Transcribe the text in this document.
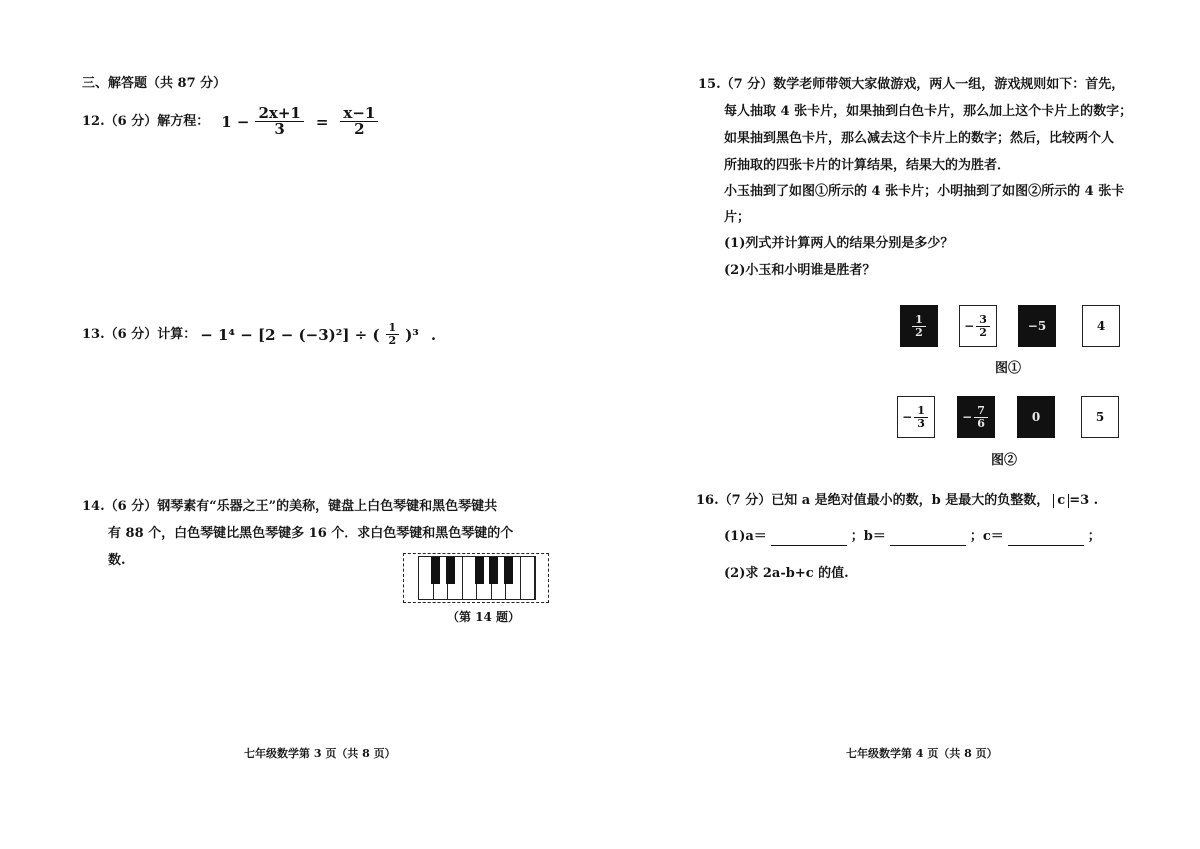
三、解答题（共 87 分）
12.（6 分）解方程： $1 - \frac{2x+1}{3} = \frac{x-1}{2}$
13.（6 分）计算： − 1⁴ − [2 − (−3)²] ÷ ( $\frac{1}{2} )^3$ .
14.（6 分）钢琴素有“乐器之王”的美称，键盘上白色琴键和黑色琴键共
有 88 个，白色琴键比黑色琴键多 16 个．求白色琴键和黑色琴键的个
数.
（第 14 题）
七年级数学第 3 页（共 8 页）
15.（7 分）数学老师带领大家做游戏，两人一组，游戏规则如下：首先，
每人抽取 4 张卡片，如果抽到白色卡片，那么加上这个卡片上的数字；
如果抽到黑色卡片，那么减去这个卡片上的数字；然后，比较两个人
所抽取的四张卡片的计算结果，结果大的为胜者．
小玉抽到了如图①所示的 4 张卡片；小明抽到了如图②所示的 4 张卡
片；
(1)列式并计算两人的结果分别是多少？
(2)小玉和小明谁是胜者？
$\frac{1}{2}$	− $\frac{3}{2}$	−5	4
图①
− $\frac{1}{3}$	− $\frac{7}{6}$	0	5
图②
16.（7 分）已知 a 是绝对值最小的数，b 是最大的负整数， c =3 .
(1)a＝	；b＝	；c＝	；
(2)求 2a-b+c 的值.
七年级数学第 4 页（共 8 页）
